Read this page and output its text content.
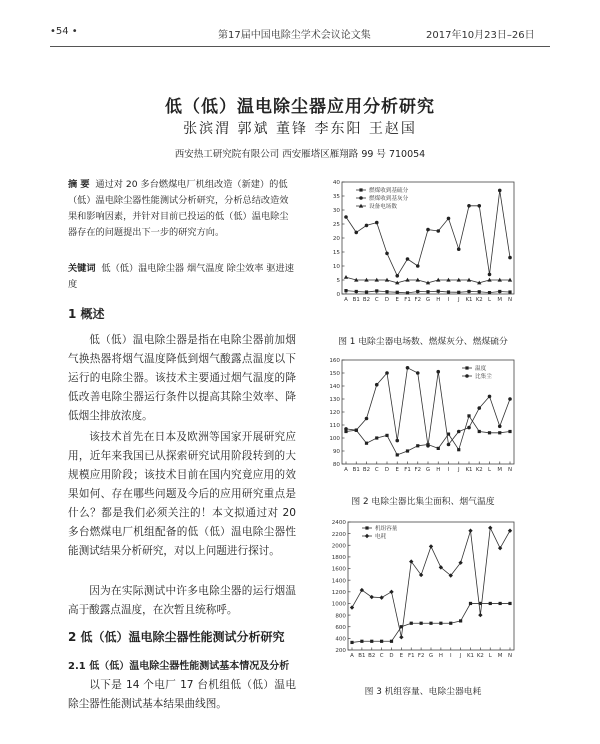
•54 •	第17届中国电除尘学术会议论文集	2017年10月23日–26日
低（低）温电除尘器应用分析研究
张滨渭 郭斌 董锋 李东阳 王赵国
西安热工研究院有限公司 西安雁塔区雁翔路 99 号 710054
摘 要 通过对 20 多台燃煤电厂机组改造（新建）的低（低）温电除尘器性能测试分析研究，分析总结改造效果和影响因素，并针对目前已投运的低（低）温电除尘器存在的问题提出下一步的研究方向。
关键词 低（低）温电除尘器 烟气温度 除尘效率 驱进速度
1 概述
低（低）温电除尘器是指在电除尘器前加烟气换热器将烟气温度降低到烟气酸露点温度以下运行的电除尘器。该技术主要通过烟气温度的降低改善电除尘器运行条件以提高其除尘效率、降低烟尘排放浓度。
该技术首先在日本及欧洲等国家开展研究应用，近年来我国已从探索研究试用阶段转到的大规模应用阶段；该技术目前在国内究竟应用的效果如何、存在哪些问题及今后的应用研究重点是什么？都是我们必须关注的！本文拟通过对 20 多台燃煤电厂机组配备的低（低）温电除尘器性能测试结果分析研究，对以上问题进行探讨。
因为在实际测试中许多电除尘器的运行烟温高于酸露点温度，在次暂且统称呼。
2 低（低）温电除尘器性能测试分析研究
2.1 低（低）温电除尘器性能测试基本情况及分析
以下是 14 个电厂 17 台机组低（低）温电除尘器性能测试基本结果曲线图。
0
5
10
15
20
25
30
35
40
A B1 B2 C D E F1 F2 G H I J K1 K2 L M N
燃煤收到基硫分
燃煤收到基灰分
设备电场数
图 1 电除尘器电场数、燃煤灰分、燃煤硫分
80
90
100
110
120
130
140
150
160
A B1 B2 C D E F1 F2 G H I J K1 K2 L M N
温度
比集尘
图 2 电除尘器比集尘面积、烟气温度
200
400
600
800
1000
1200
1400
1600
1800
2000
2200
2400
A B1 B2 C D E F1 F2 G H I J K1 K2 L M N
机组容量
电耗
图 3 机组容量、电除尘器电耗
